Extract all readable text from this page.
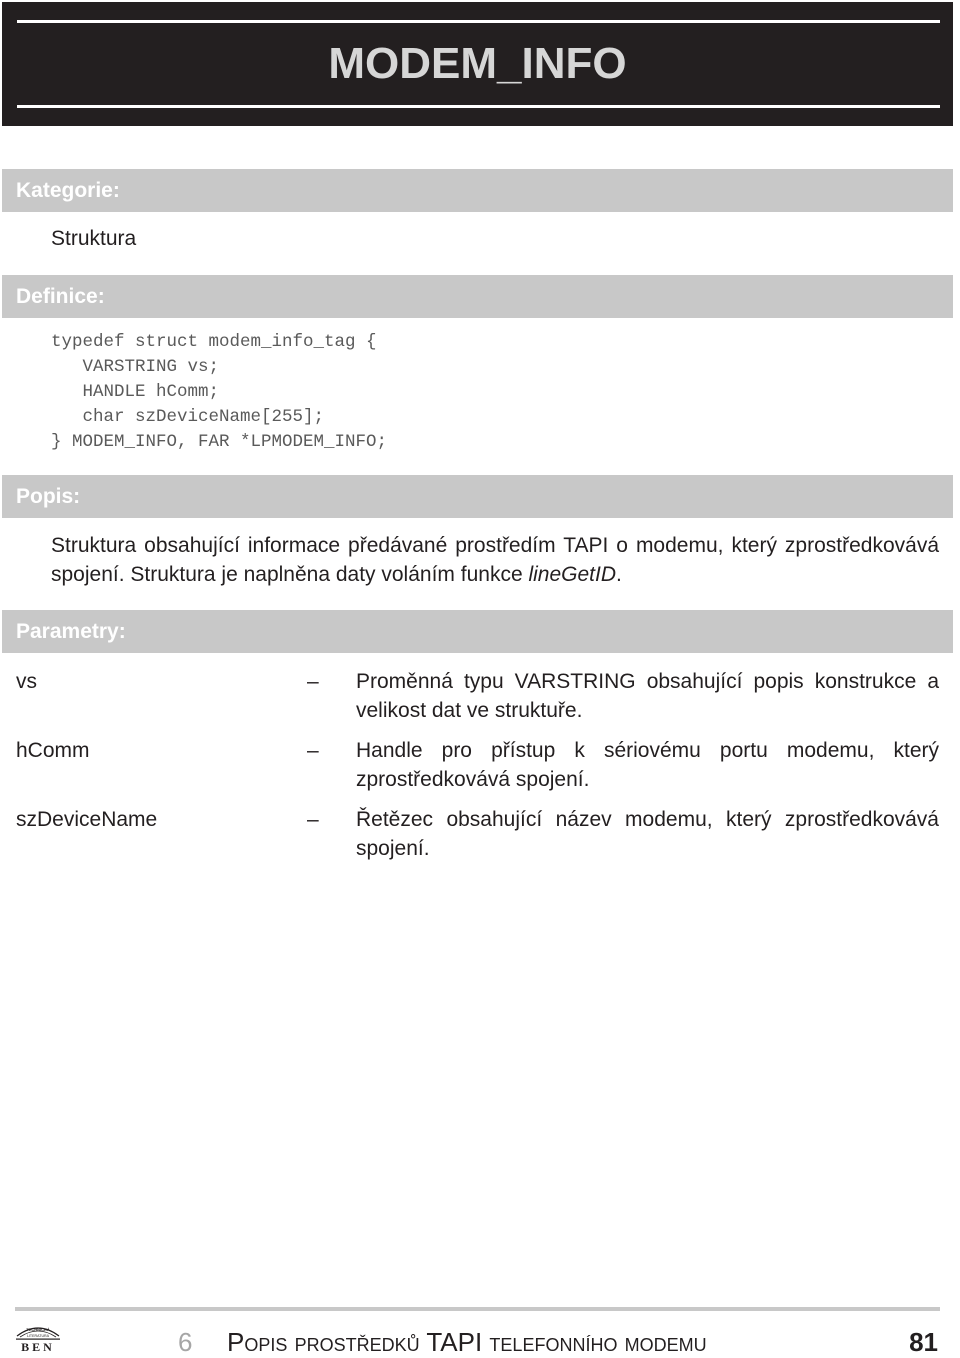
MODEM_INFO
Kategorie:
Struktura
Definice:
typedef struct modem_info_tag {
VARSTRING vs;
HANDLE hComm;
char szDeviceName[255];
} MODEM_INFO, FAR *LPMODEM_INFO;
Popis:
Struktura obsahující informace předávané prostředím TAPI o modemu, který zprostředkovává spojení. Struktura je naplněna daty voláním funkce lineGetID.
Parametry:
vs	– Proměnná typu VARSTRING obsahující popis konstrukce a velikost dat ve struktuře.
hComm	– Handle pro přístup k sériovému portu modemu, který zprostředkovává spojení.
szDeviceName	– Řetězec obsahující název modemu, který zprostředkovává spojení.
TECHNICKÁ
LITERATURA
BEN	6 Popis prostředků TAPI telefonního modemu	81
